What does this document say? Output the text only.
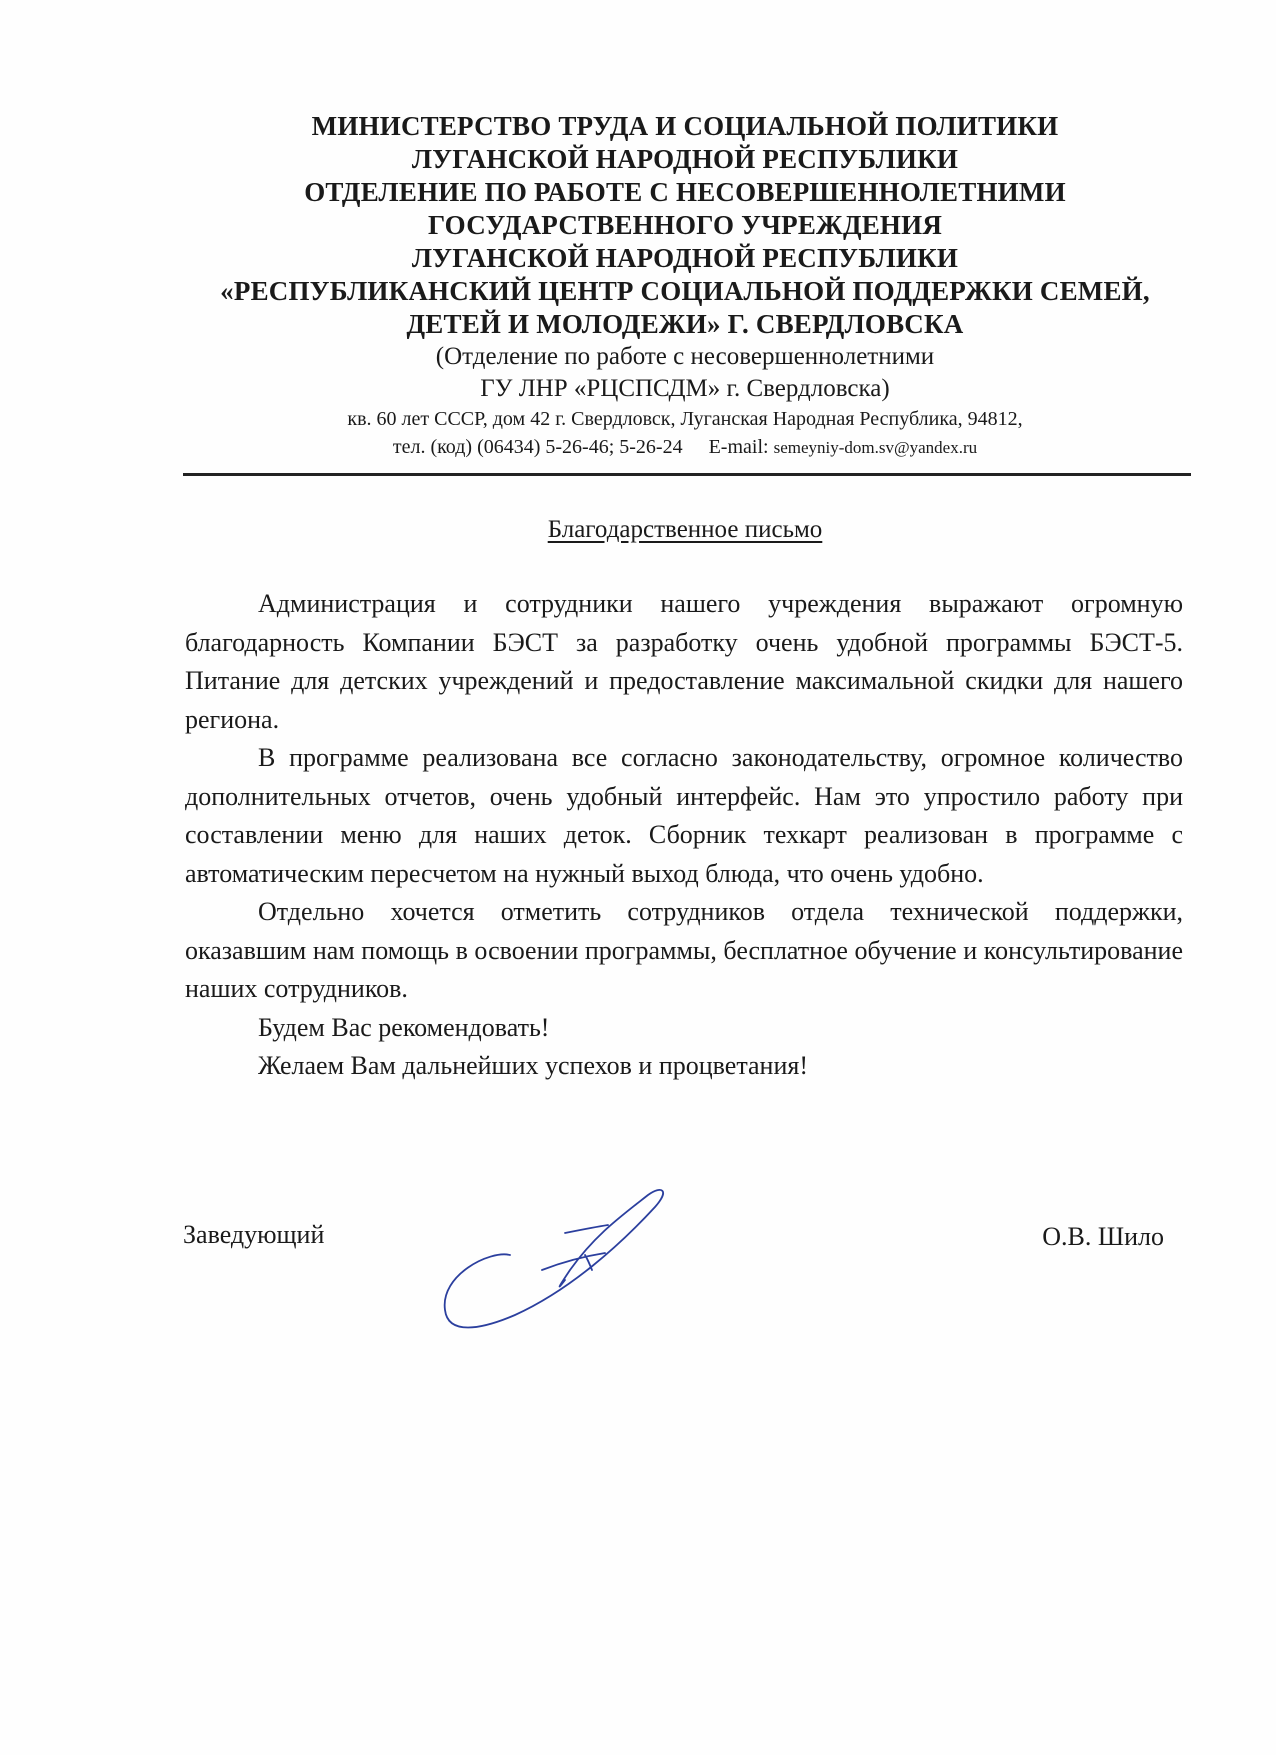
МИНИСТЕРСТВО ТРУДА И СОЦИАЛЬНОЙ ПОЛИТИКИ
ЛУГАНСКОЙ НАРОДНОЙ РЕСПУБЛИКИ
ОТДЕЛЕНИЕ ПО РАБОТЕ С НЕСОВЕРШЕННОЛЕТНИМИ
ГОСУДАРСТВЕННОГО УЧРЕЖДЕНИЯ
ЛУГАНСКОЙ НАРОДНОЙ РЕСПУБЛИКИ
«РЕСПУБЛИКАНСКИЙ ЦЕНТР СОЦИАЛЬНОЙ ПОДДЕРЖКИ СЕМЕЙ,
ДЕТЕЙ И МОЛОДЕЖИ» Г. СВЕРДЛОВСКА
(Отделение по работе с несовершеннолетними
ГУ ЛНР «РЦСПСДМ» г. Свердловска)
кв. 60 лет СССР, дом 42 г. Свердловск, Луганская Народная Республика, 94812,
тел. (код) (06434) 5-26-46; 5-26-24 E-mail: semeyniy-dom.sv@yandex.ru
Благодарственное письмо

Администрация и сотрудники нашего учреждения выражают огромную благодарность Компании БЭСТ за разработку очень удобной программы БЭСТ-5. Питание для детских учреждений и предоставление максимальной скидки для нашего региона.

В программе реализована все согласно законодательству, огромное количество дополнительных отчетов, очень удобный интерфейс. Нам это упростило работу при составлении меню для наших деток. Сборник техкарт реализован в программе с автоматическим пересчетом на нужный выход блюда, что очень удобно.

Отдельно хочется отметить сотрудников отдела технической поддержки, оказавшим нам помощь в освоении программы, бесплатное обучение и консультирование наших сотрудников.

Будем Вас рекомендовать!

Желаем Вам дальнейших успехов и процветания!

Заведующий	О.В. Шило
